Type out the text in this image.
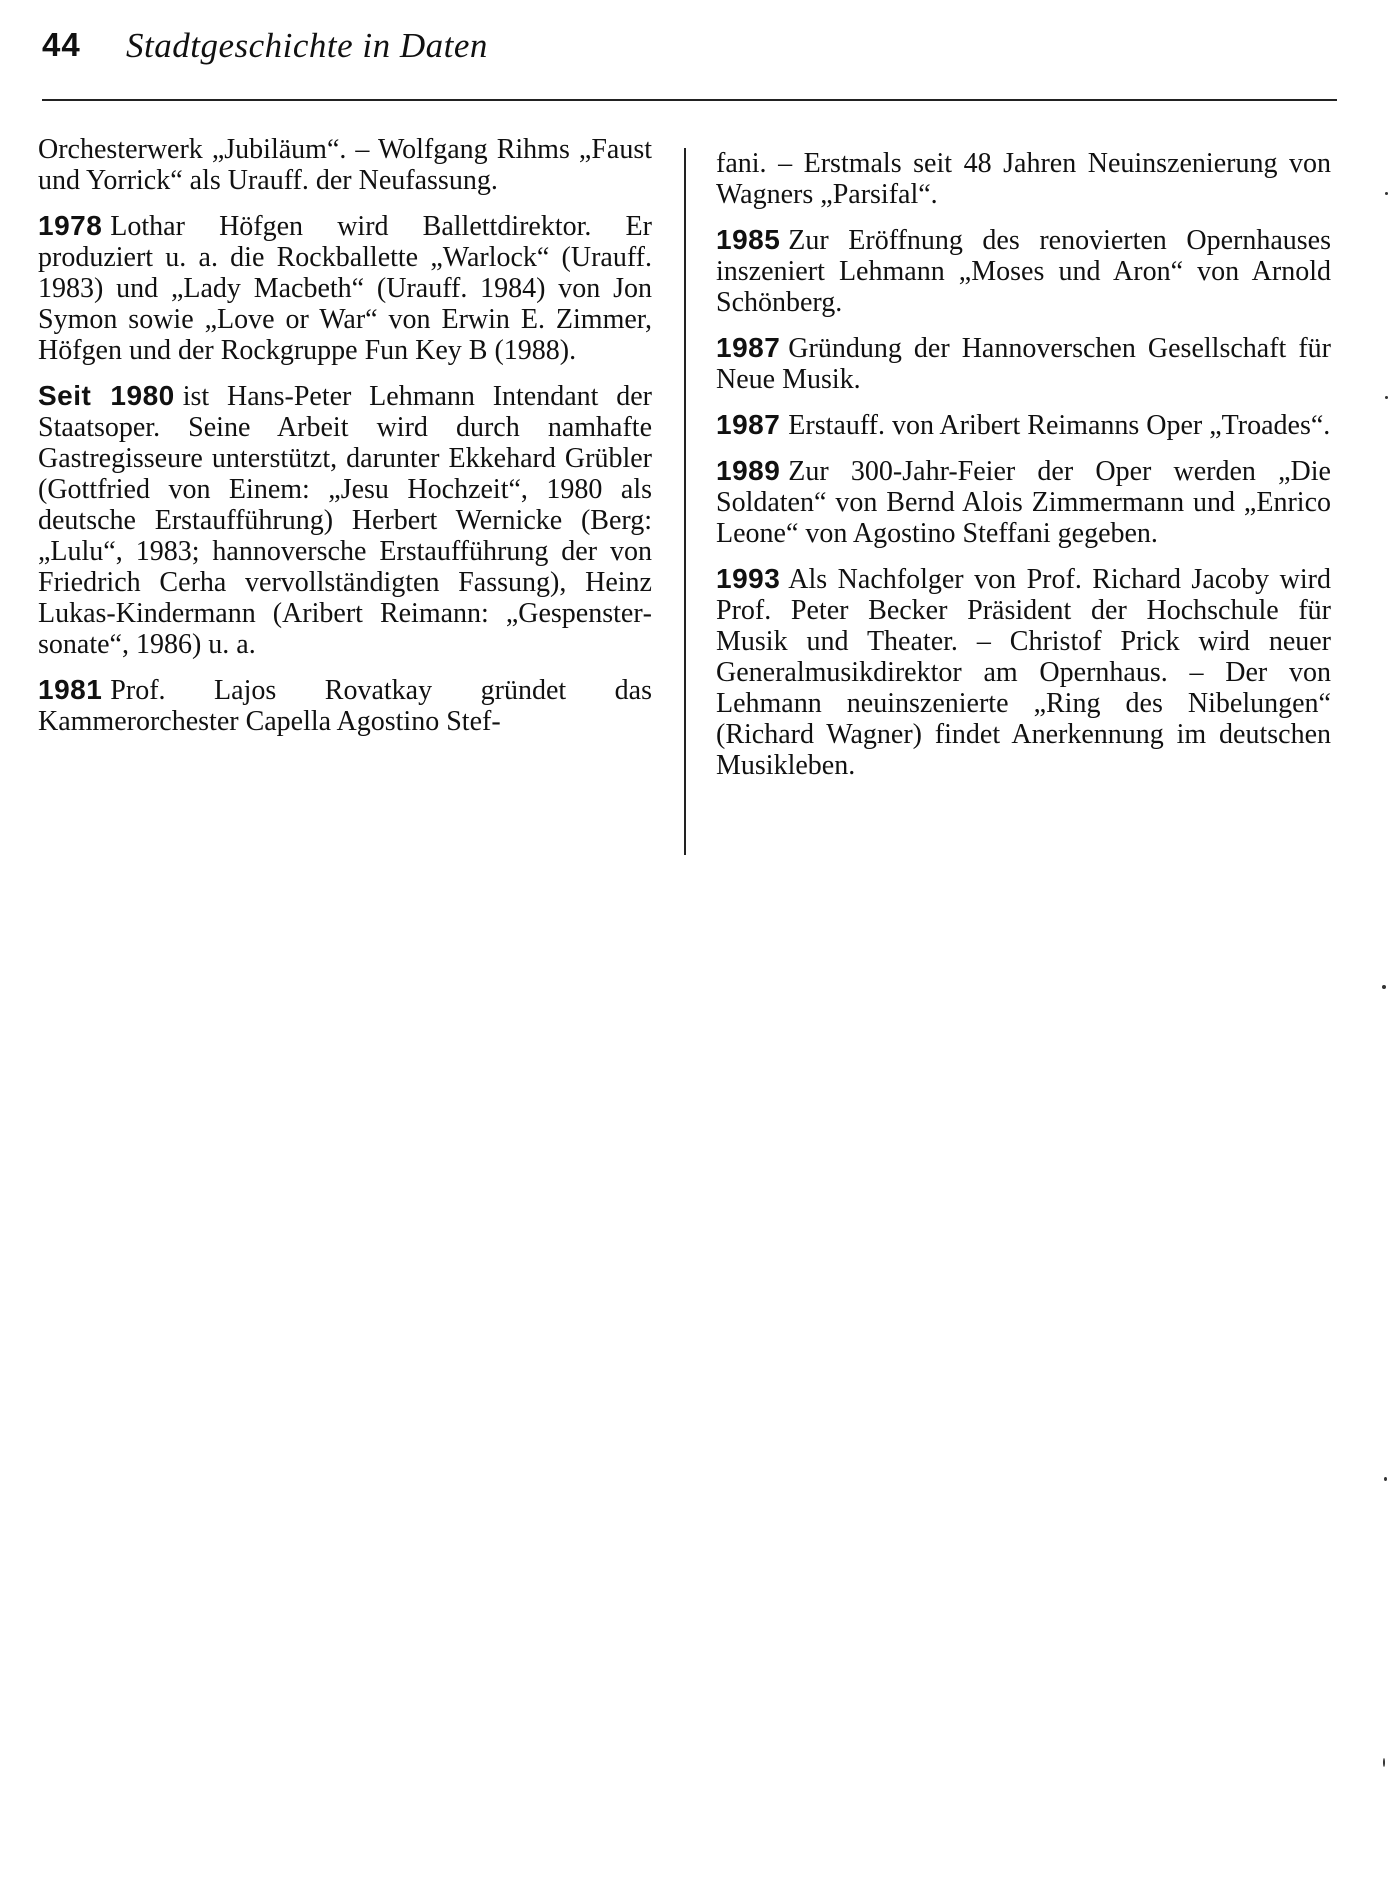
44 Stadtgeschichte in Daten

Orchesterwerk „Jubiläum“. – Wolfgang Rihms „Faust und Yorrick“ als Urauff. der Neufassung.

1978 Lothar Höfgen wird Ballettdirektor. Er produziert u. a. die Rockballette „Warlock“ (Urauff. 1983) und „Lady Macbeth“ (Urauff. 1984) von Jon Symon sowie „Love or War“ von Erwin E. Zimmer, Höfgen und der Rockgruppe Fun Key B (1988).

Seit 1980 ist Hans-Peter Lehmann Intendant der Staatsoper. Seine Arbeit wird durch namhafte Gastregisseure unterstützt, darunter Ekkehard Grübler (Gottfried von Einem: „Jesu Hochzeit“, 1980 als deutsche Erstaufführung) Herbert Wernicke (Berg: „Lulu“, 1983; hannoversche Erstaufführung der von Friedrich Cerha vervollständigten Fassung), Heinz Lukas-Kindermann (Aribert Reimann: „Gespenstersonate“, 1986) u. a.

1981 Prof. Lajos Rovatkay gründet das Kammerorchester Capella Agostino Stef-

fani. – Erstmals seit 48 Jahren Neuinszenierung von Wagners „Parsifal“.

1985 Zur Eröffnung des renovierten Opernhauses inszeniert Lehmann „Moses und Aron“ von Arnold Schönberg.

1987 Gründung der Hannoverschen Gesellschaft für Neue Musik.

1987 Erstauff. von Aribert Reimanns Oper „Troades“.

1989 Zur 300-Jahr-Feier der Oper werden „Die Soldaten“ von Bernd Alois Zimmermann und „Enrico Leone“ von Agostino Steffani gegeben.

1993 Als Nachfolger von Prof. Richard Jacoby wird Prof. Peter Becker Präsident der Hochschule für Musik und Theater. – Christof Prick wird neuer Generalmusikdirektor am Opernhaus. – Der von Lehmann neuinszenierte „Ring des Nibelungen“ (Richard Wagner) findet Anerkennung im deutschen Musikleben.
